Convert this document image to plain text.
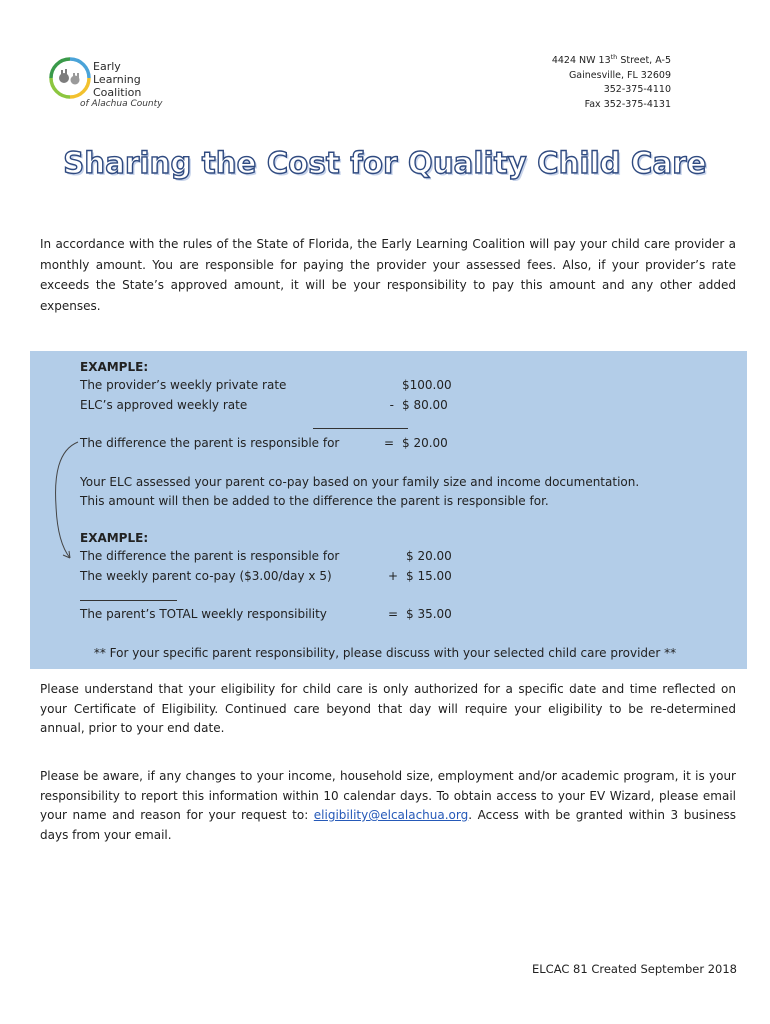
Early
Learning
Coalition
of Alachua County
4424 NW 13th Street, A-5
Gainesville, FL 32609
352-375-4110
Fax 352-375-4131
Sharing the Cost for Quality Child Care
In accordance with the rules of the State of Florida, the Early Learning Coalition will pay your child care provider a monthly amount. You are responsible for paying the provider your assessed fees. Also, if your provider’s rate exceeds the State’s approved amount, it will be your responsibility to pay this amount and any other added expenses.
EXAMPLE:
The provider’s weekly private rate	$100.00
ELC’s approved weekly rate	- $ 80.00
The difference the parent is responsible for	= $ 20.00
Your ELC assessed your parent co-pay based on your family size and income documentation.
This amount will then be added to the difference the parent is responsible for.
EXAMPLE:
The difference the parent is responsible for	$ 20.00
The weekly parent co-pay ($3.00/day x 5)	+ $ 15.00
The parent’s TOTAL weekly responsibility	= $ 35.00
** For your specific parent responsibility, please discuss with your selected child care provider **
Please understand that your eligibility for child care is only authorized for a specific date and time reflected on your Certificate of Eligibility. Continued care beyond that day will require your eligibility to be re-determined annual, prior to your end date.
Please be aware, if any changes to your income, household size, employment and/or academic program, it is your responsibility to report this information within 10 calendar days. To obtain access to your EV Wizard, please email your name and reason for your request to: eligibility@elcalachua.org. Access with be granted within 3 business days from your email.
ELCAC 81 Created September 2018
